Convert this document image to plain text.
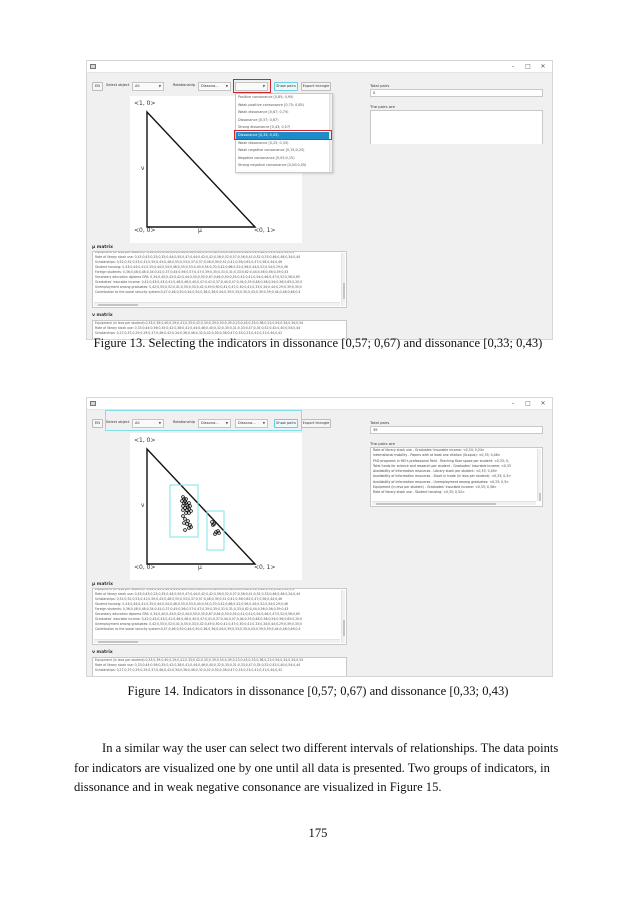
–	□	✕
EN	Select object	All	▼	Relationship	Dissona... ▼	▼	Show pairs	Export triangle
<1, 0>
<0, 0>	<0, 1>
ν
μ
Positive consonance [0,85; 0,95)
Weak positive consonance [0,75; 0,85)
Weak dissonance [0,67; 0,75)
Dissonance [0,57; 0,67)
Strong dissonance [0,43; 0,57)
Dissonance [0,33; 0,43)
Weak dissonance [0,25; 0,33)
Weak negative consonance [0,15;0,25)
Negative consonance [0,05;0,15)
Strong negative consonance [0,00;0,05)
Total pairs
0
The pairs are
μ matrix
Equipment (in leva per student): 0,46;0,49;0,42;0,41;0,46;0,36;0,46;0,39;0,36;0,33;0,36;0,33;0,46;0,51;0,46;0,51;0,54;0,33;0,4
Rate of library stock use: 0,45;0,43;0,25;0,35;0,44;0,50;0,47;0,44;0,42;0,42;0,56;0,52;0,57;0,56;0,41;0,52;0,33;0,46;0,48;0,34;0,44
Scholarships: 0,52;0,52;0,53;0,41;0,50;0,43;0,46;0,55;0,53;0,37;0,57;0,46;0,39;0,51;0,41;0,56;0,62;0,47;0,58;0,44;0,46
Student housing: 0,43;0,44;0,41;0,35;0,44;0,54;0,46;0,55;0,53;0,40;0,54;0,70;0,42;0,66;0,52;0,56;0,44;0,52;0,54;0,29;0,46
Foreign students: 0,36;0,48;0,48;0,34;0,41;0,37;0,45;0,56;0,57;0,47;0,39;0,35;0,31;0,31;0,33;0,62;0,44;0,56;0,56;0,39;0,43
Secondary education diploma GPA: 0,34;0,40;0,43;0,42;0,44;0,50;0,55;0,67;0,64;0,50;0,35;0,41;0,41;0,54;0,46;0,47;0,52;0,56;0,65
Graduates' insurable income: 0,42;0,43;0,43;0,41;0,46;0,46;0,40;0,47;0,41;0,37;0,44;0,47;0,44;0,55;0,48;0,58;0,54;0,56;0,65;0,20;0
Unemployment among graduates: 0,42;0,55;0,52;0,41;0,55;0,33;0,42;0,49;0,50;0,41;0,47;0,30;0,41;0,33;0,34;0,44;0,29;0,39;0,35;0
Contribution to the social security system:0,47;0,46;0,50;0,44;0,50;0,38;0,36;0,44;0,39;0,33;0,35;0,43;0,39;0,59;0,44;0,46;0,46;0,4
ν matrix
Equipment (in leva per student):0,33;0,39;0,40;0,29;0,41;0,33;0,42;0,30;0,39;0,50;0,39;0,23;0,43;0,33;0,38;0,22;0,54;0,34;0,34;0,54
Rate of library stock use: 0,33;0,44;0,56;0,35;0,42;0,38;0,41;0,44;0,46;0,40;0,32;0,35;0,31;0,33;0,47;0,35;0,52;0,42;0,40;0,54;0,44
Scholarships: 0,27;0,37;0,29;0,29;0,37;0,46;0,42;0,34;0,36;0,46;0,32;0,42;0,50;0,38;0,47;0,33;0,23;0,41;0,31;0,44;0,42
Figure 13. Selecting the indicators in dissonance [0,57; 0,67) and dissonance [0,33; 0,43)
–	□	✕
EN	Select object	All	▼	Relationship	Dissona... ▼	Dissona... ▼	Show pairs	Export triangle
<1, 0>
<0, 0>	<0, 1>
ν
μ
Total pairs
39
The pairs are
Rate of library stock use - Graduates' insurable income: <0,34; 0,54>
International mobility - Papers with at least one citation (Scopus): <0,33; 0,46>
PhD programs in HEI's professional field - Teaching floor space per student: <0,33; 0,
Total funds for science and research per student - Graduates' insurable income: <0,33
Availability of information resources - Library stock per student: <0,33; 0,49>
Availability of information resources - Stock in trade (in leva per student): <0,33; 0,5>
Availability of information resources - Unemployment among graduates: <0,33; 0,5>
Equipment (in leva per student) - Graduates' insurable income: <0,33; 0,56>
Rate of library stock use - Student housing: <0,33; 0,52>
μ matrix
Equipment (in leva per student): 0,46;0,49;0,42;0,41;0,46;0,36;0,46;0,39;0,36;0,33;0,36;0,33;0,46;0,51;0,46;0,51;0,54;0,33;0,4
Rate of library stock use: 0,45;0,43;0,25;0,35;0,44;0,50;0,47;0,44;0,42;0,42;0,56;0,52;0,57;0,56;0,41;0,52;0,33;0,46;0,48;0,34;0,44
Scholarships: 0,52;0,52;0,53;0,41;0,50;0,43;0,46;0,55;0,53;0,37;0,57;0,46;0,39;0,51;0,41;0,56;0,62;0,47;0,58;0,44;0,46
Student housing: 0,43;0,44;0,41;0,35;0,44;0,54;0,46;0,55;0,53;0,40;0,54;0,70;0,42;0,66;0,52;0,56;0,44;0,52;0,54;0,29;0,46
Foreign students: 0,36;0,48;0,48;0,34;0,41;0,37;0,45;0,56;0,57;0,47;0,39;0,35;0,31;0,31;0,33;0,62;0,44;0,56;0,56;0,39;0,43
Secondary education diploma GPA: 0,34;0,40;0,43;0,42;0,44;0,50;0,55;0,67;0,64;0,50;0,35;0,41;0,41;0,54;0,46;0,47;0,52;0,56;0,65
Graduates' insurable income: 0,42;0,43;0,43;0,41;0,46;0,46;0,40;0,47;0,41;0,37;0,44;0,47;0,44;0,55;0,48;0,58;0,54;0,56;0,65;0,20;0
Unemployment among graduates: 0,42;0,55;0,52;0,41;0,55;0,33;0,42;0,49;0,50;0,41;0,47;0,30;0,41;0,33;0,34;0,44;0,29;0,39;0,35;0
Contribution to the social security system:0,47;0,46;0,50;0,44;0,50;0,38;0,36;0,44;0,39;0,33;0,35;0,43;0,39;0,59;0,44;0,46;0,46;0,4
ν matrix
Equipment (in leva per student):0,33;0,39;0,40;0,29;0,41;0,33;0,42;0,30;0,39;0,50;0,39;0,23;0,43;0,33;0,38;0,22;0,54;0,34;0,34;0,54
Rate of library stock use: 0,33;0,44;0,56;0,35;0,42;0,38;0,41;0,44;0,46;0,40;0,32;0,35;0,31;0,33;0,47;0,35;0,52;0,42;0,40;0,54;0,44
Scholarships: 0,27;0,37;0,29;0,29;0,37;0,46;0,42;0,34;0,36;0,46;0,32;0,42;0,50;0,38;0,47;0,33;0,23;0,41;0,31;0,44;0,42
Figure 14. Indicators in dissonance [0,57; 0,67) and dissonance [0,33; 0,43)
In a similar way the user can select two different intervals of relationships. The data points
for indicators are visualized one by one until all data is presented. Two groups of indicators, in
dissonance and in weak negative consonance are visualized in Figure 15.
175
